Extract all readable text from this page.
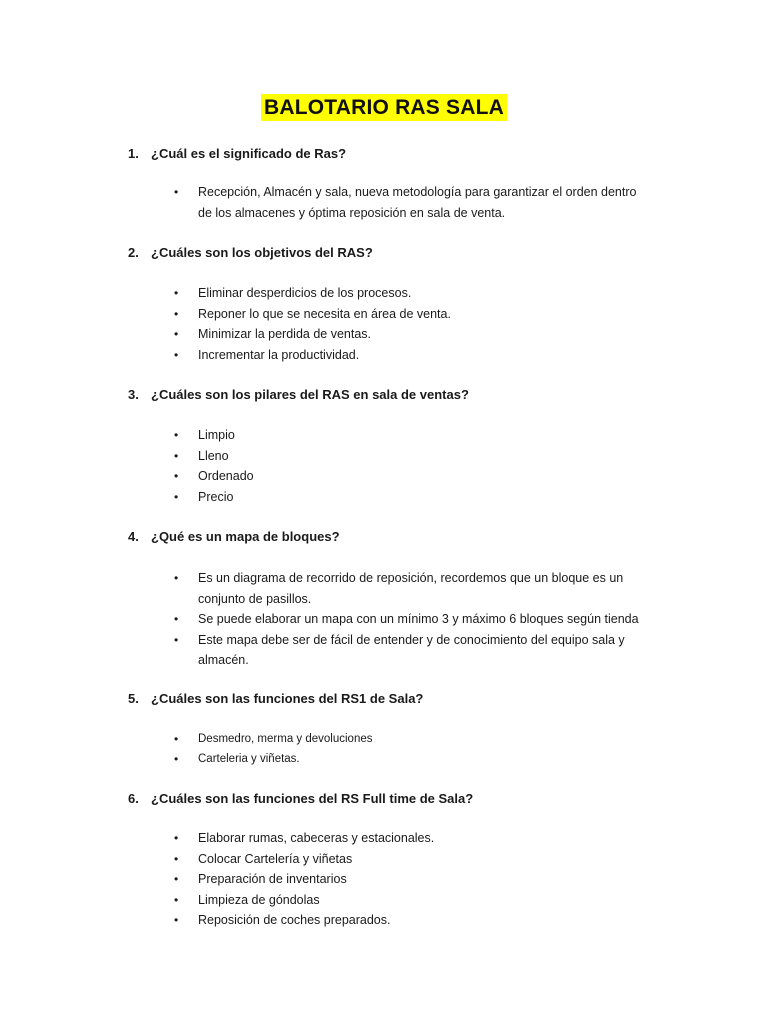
BALOTARIO RAS SALA
1. ¿Cuál es el significado de Ras?
• Recepción, Almacén y sala, nueva metodología para garantizar el orden dentro de los almacenes y óptima reposición en sala de venta.
2. ¿Cuáles son los objetivos del RAS?
• Eliminar desperdicios de los procesos.
• Reponer lo que se necesita en área de venta.
• Minimizar la perdida de ventas.
• Incrementar la productividad.
3. ¿Cuáles son los pilares del RAS en sala de ventas?
• Limpio
• Lleno
• Ordenado
• Precio
4. ¿Qué es un mapa de bloques?
• Es un diagrama de recorrido de reposición, recordemos que un bloque es un conjunto de pasillos.
• Se puede elaborar un mapa con un mínimo 3 y máximo 6 bloques según tienda
• Este mapa debe ser de fácil de entender y de conocimiento del equipo sala y almacén.
5. ¿Cuáles son las funciones del RS1 de Sala?
• Desmedro, merma y devoluciones
• Carteleria y viñetas.
6. ¿Cuáles son las funciones del RS Full time de Sala?
• Elaborar rumas, cabeceras y estacionales.
• Colocar Cartelería y viñetas
• Preparación de inventarios
• Limpieza de góndolas
• Reposición de coches preparados.
